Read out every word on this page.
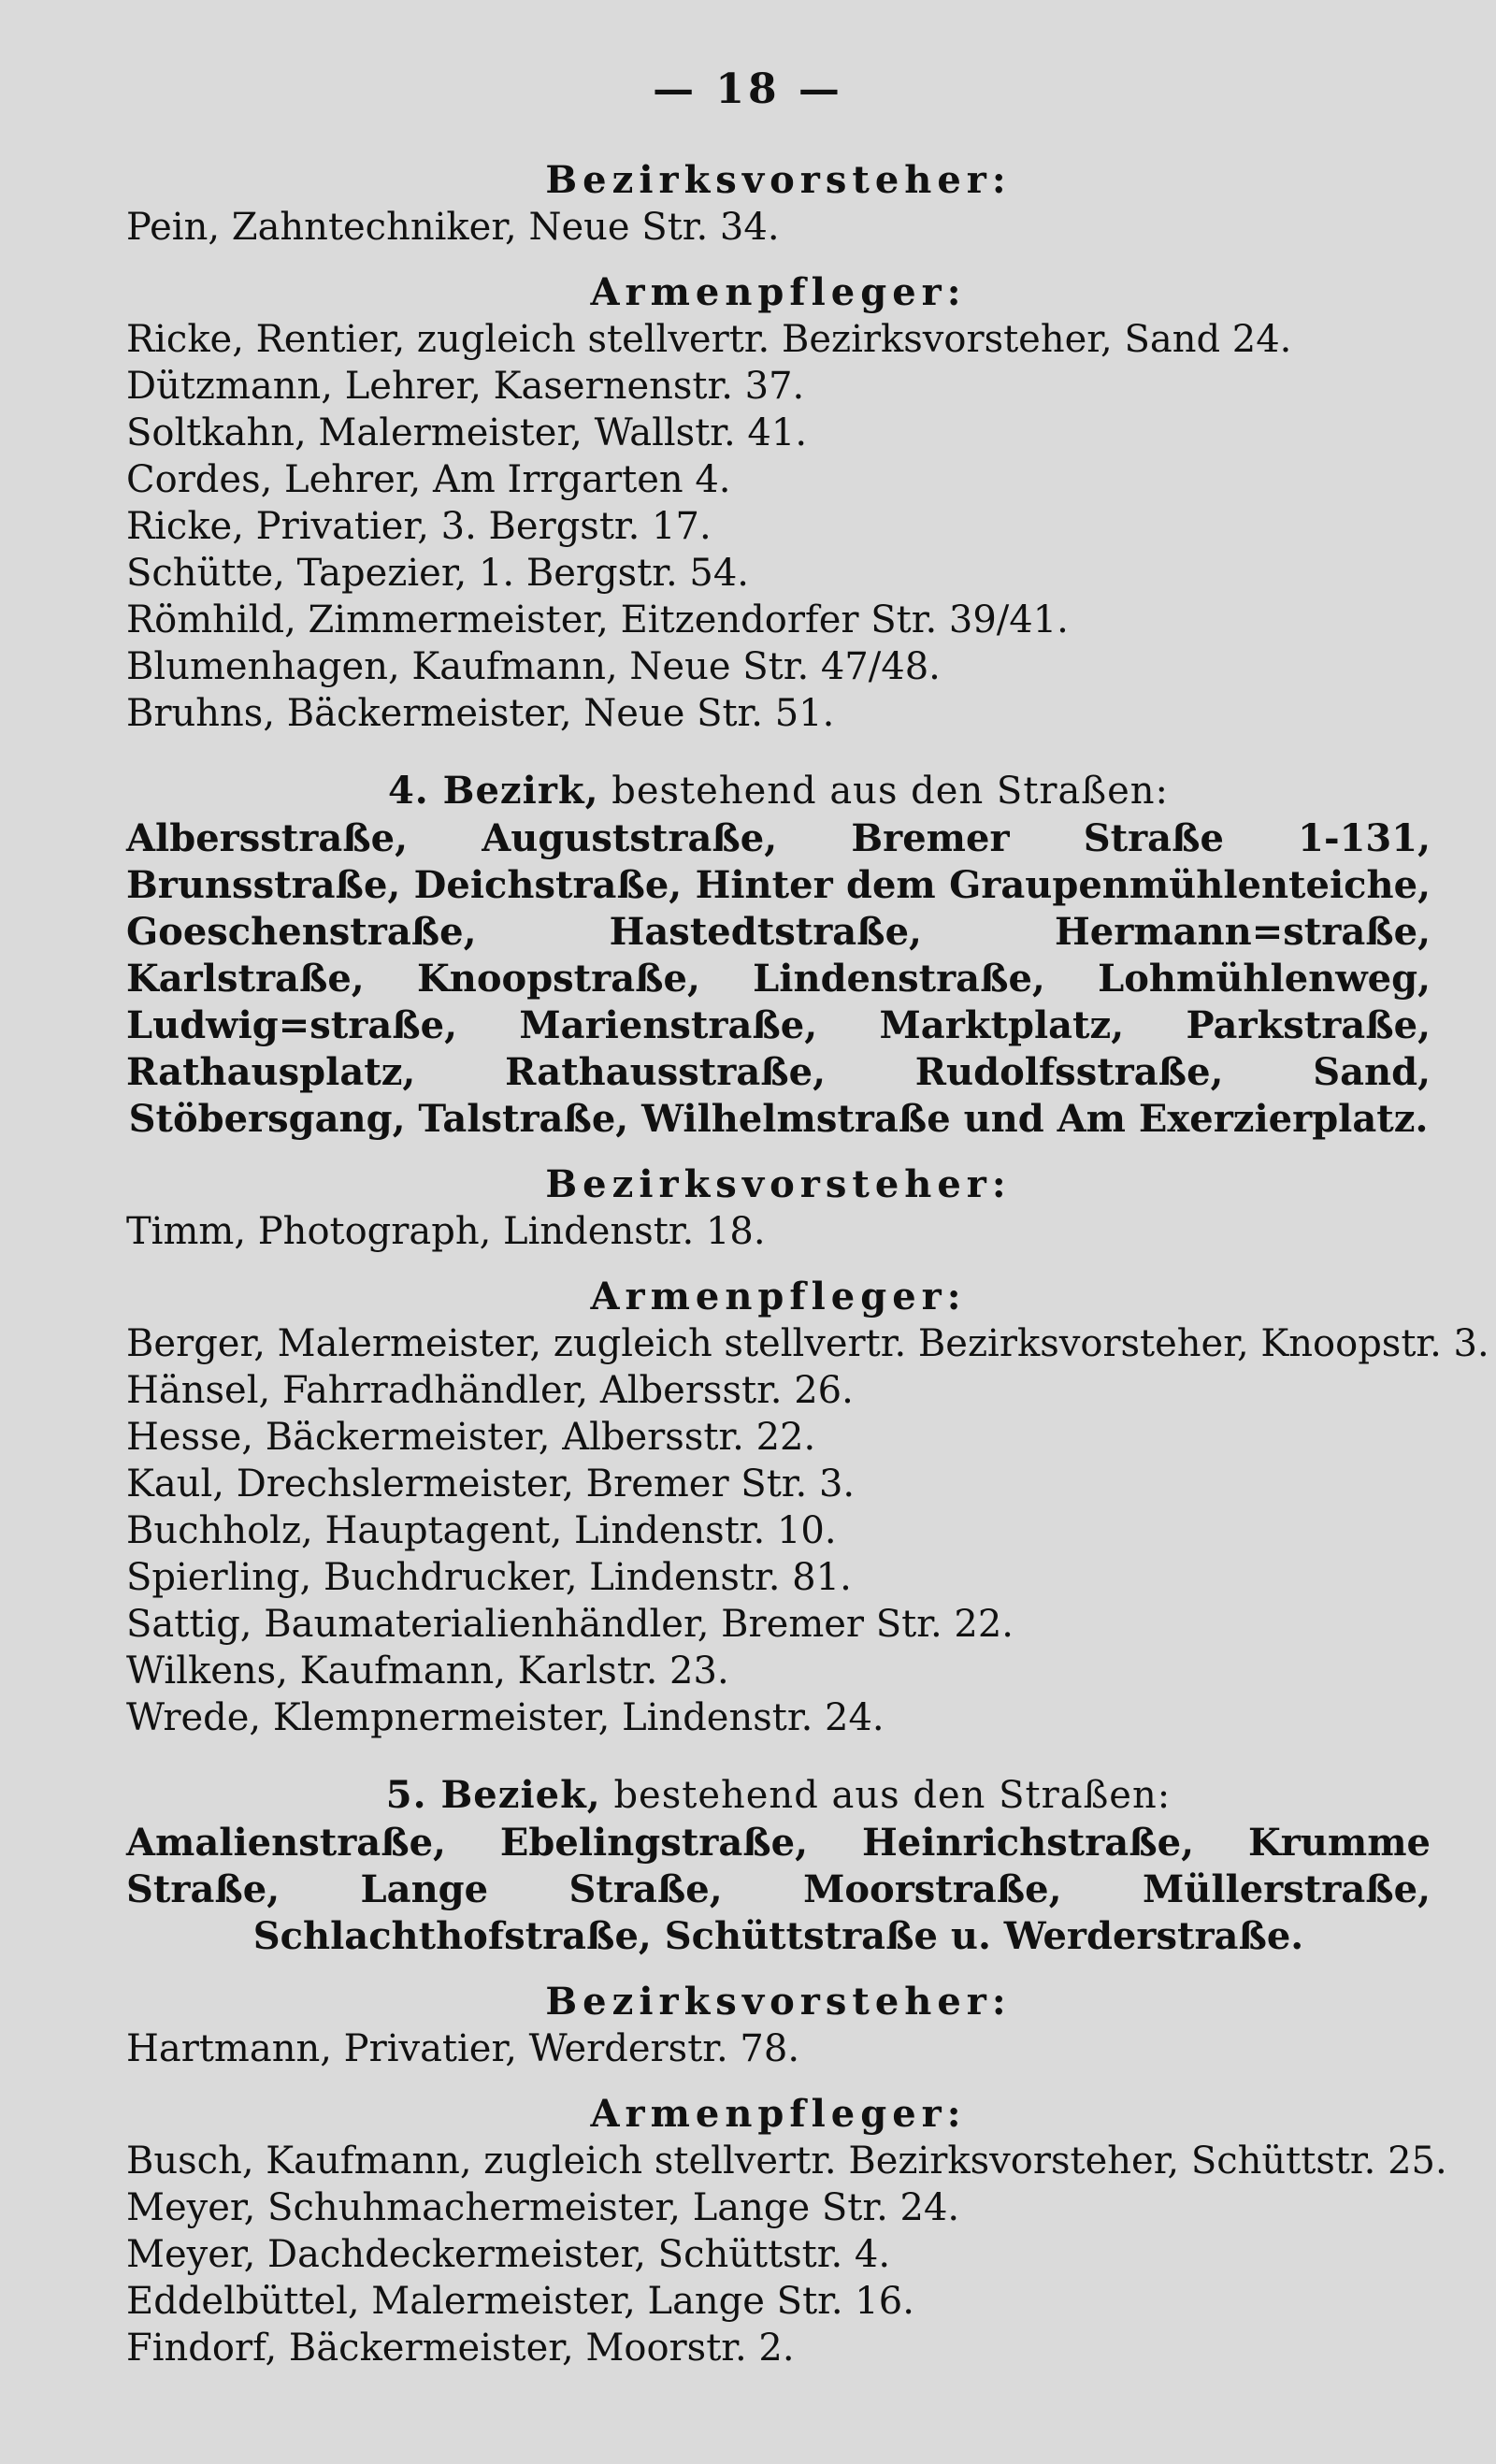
— 18 —

Bezirksvorsteher:

Pein, Zahntechniker, Neue Str. 34.

Armenpfleger:

Ricke, Rentier, zugleich stellvertr. Bezirksvorsteher, Sand 24.

Dützmann, Lehrer, Kasernenstr. 37.

Soltkahn, Malermeister, Wallstr. 41.

Cordes, Lehrer, Am Irrgarten 4.

Ricke, Privatier, 3. Bergstr. 17.

Schütte, Tapezier, 1. Bergstr. 54.

Römhild, Zimmermeister, Eitzendorfer Str. 39/41.

Blumenhagen, Kaufmann, Neue Str. 47/48.

Bruhns, Bäckermeister, Neue Str. 51.

4. Bezirk, bestehend aus den Straßen:

Albersstraße, Auguststraße, Bremer Straße 1-131, Brunsstraße, Deichstraße, Hinter dem Graupenmühlenteiche, Goeschenstraße, Hastedtstraße, Hermann=straße, Karlstraße, Knoopstraße, Lindenstraße, Lohmühlenweg, Ludwig=straße, Marienstraße, Marktplatz, Parkstraße, Rathausplatz, Rathausstraße, Rudolfsstraße, Sand, Stöbersgang, Talstraße, Wilhelmstraße und Am Exerzierplatz.

Bezirksvorsteher:

Timm, Photograph, Lindenstr. 18.

Armenpfleger:

Berger, Malermeister, zugleich stellvertr. Bezirksvorsteher, Knoopstr. 3.

Hänsel, Fahrradhändler, Albersstr. 26.

Hesse, Bäckermeister, Albersstr. 22.

Kaul, Drechslermeister, Bremer Str. 3.

Buchholz, Hauptagent, Lindenstr. 10.

Spierling, Buchdrucker, Lindenstr. 81.

Sattig, Baumaterialienhändler, Bremer Str. 22.

Wilkens, Kaufmann, Karlstr. 23.

Wrede, Klempnermeister, Lindenstr. 24.

5. Beziek, bestehend aus den Straßen:

Amalienstraße, Ebelingstraße, Heinrichstraße, Krumme Straße, Lange Straße, Moorstraße, Müllerstraße, Schlachthofstraße, Schüttstraße u. Werderstraße.

Bezirksvorsteher:

Hartmann, Privatier, Werderstr. 78.

Armenpfleger:

Busch, Kaufmann, zugleich stellvertr. Bezirksvorsteher, Schüttstr. 25.

Meyer, Schuhmachermeister, Lange Str. 24.

Meyer, Dachdeckermeister, Schüttstr. 4.

Eddelbüttel, Malermeister, Lange Str. 16.

Findorf, Bäckermeister, Moorstr. 2.
